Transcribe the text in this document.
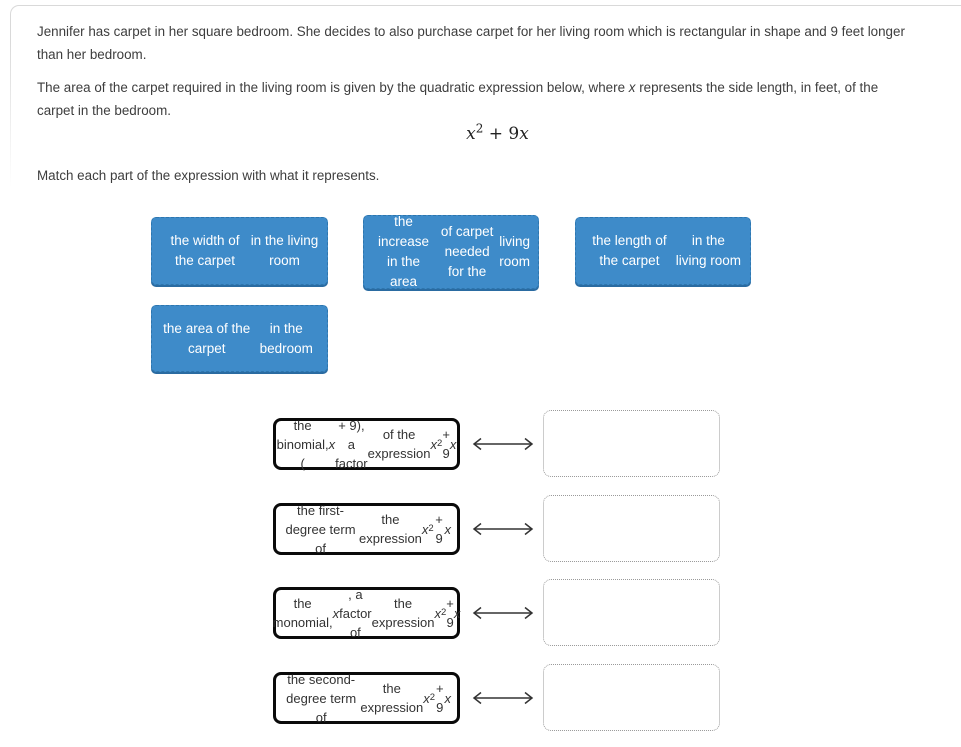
Jennifer has carpet in her square bedroom. She decides to also purchase carpet for her living room which is rectangular in shape and 9 feet longer
than her bedroom.

The area of the carpet required in the living room is given by the quadratic expression below, where x represents the side length, in feet, of the
carpet in the bedroom.

$x^2 + 9x$

Match each part of the expression with what it represents.

the width of the carpet

in the living room
the increase in the area

of carpet needed for the

living room
the length of the carpet

in the living room
the area of the carpet

in the bedroom
the binomial, (
x
+ 9), a factor

of the expression
x 2
+ 9
x
the first-degree term of

the expression
x 2
+ 9
x
the monomial,
x
, a factor of

the expression
x 2
+ 9
x
the second-degree term of

the expression
x 2
+ 9
x
